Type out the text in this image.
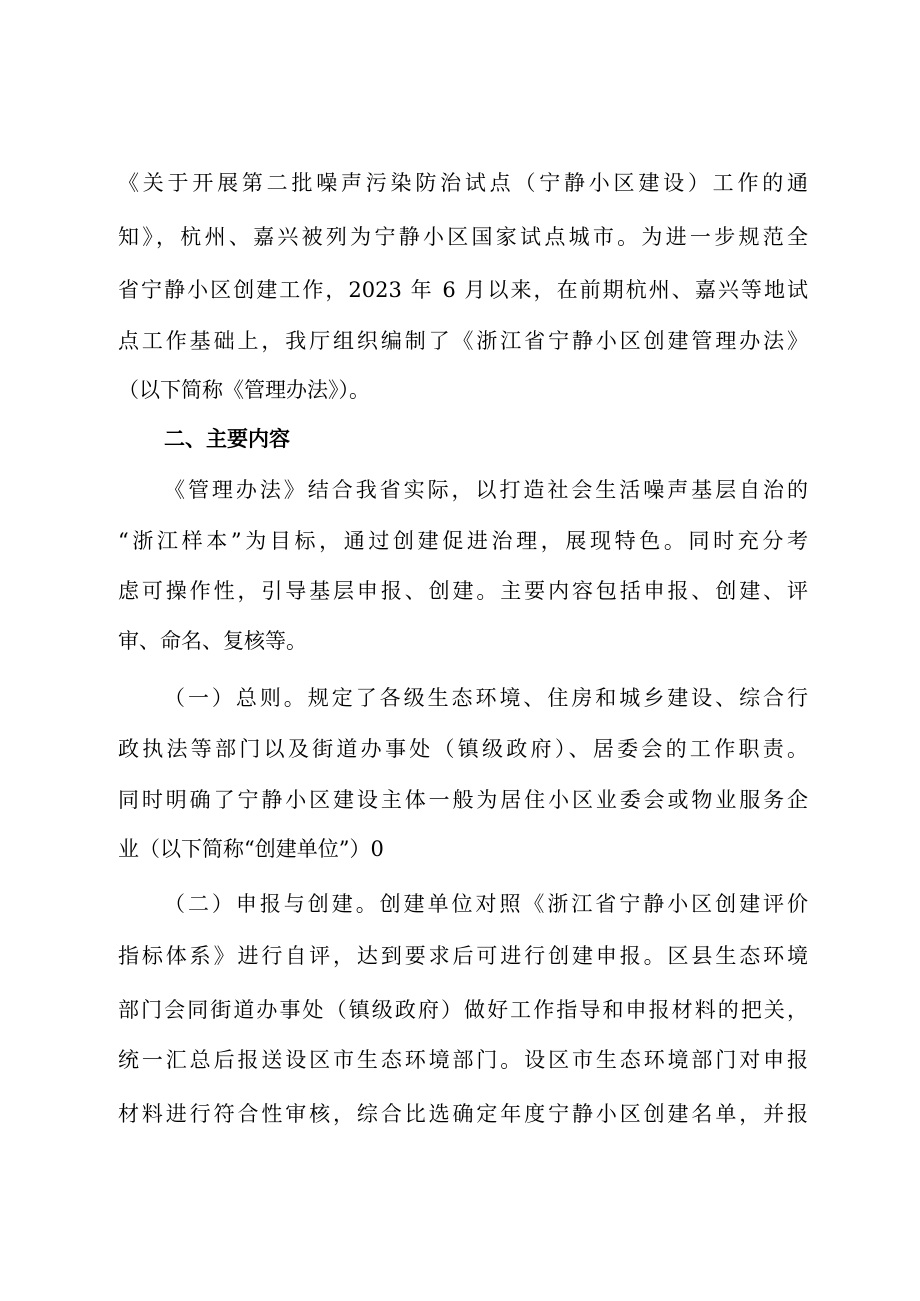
《关于开展第二批噪声污染防治试点（宁静小区建设）工作的通
知》，杭州、嘉兴被列为宁静小区国家试点城市。为进一步规范全
省宁静小区创建工作，2023 年 6 月以来，在前期杭州、嘉兴等地试
点工作基础上，我厅组织编制了《浙江省宁静小区创建管理办法》
（以下简称《管理办法》）。
二、主要内容
《管理办法》结合我省实际，以打造社会生活噪声基层自治的
“浙江样本”为目标，通过创建促进治理，展现特色。同时充分考
虑可操作性，引导基层申报、创建。主要内容包括申报、创建、评
审、命名、复核等。
（一）总则。规定了各级生态环境、住房和城乡建设、综合行
政执法等部门以及街道办事处（镇级政府）、居委会的工作职责。
同时明确了宁静小区建设主体一般为居住小区业委会或物业服务企
业（以下简称“创建单位”）0
（二）申报与创建。创建单位对照《浙江省宁静小区创建评价
指标体系》进行自评，达到要求后可进行创建申报。区县生态环境
部门会同街道办事处（镇级政府）做好工作指导和申报材料的把关，
统一汇总后报送设区市生态环境部门。设区市生态环境部门对申报
材料进行符合性审核，综合比选确定年度宁静小区创建名单，并报
